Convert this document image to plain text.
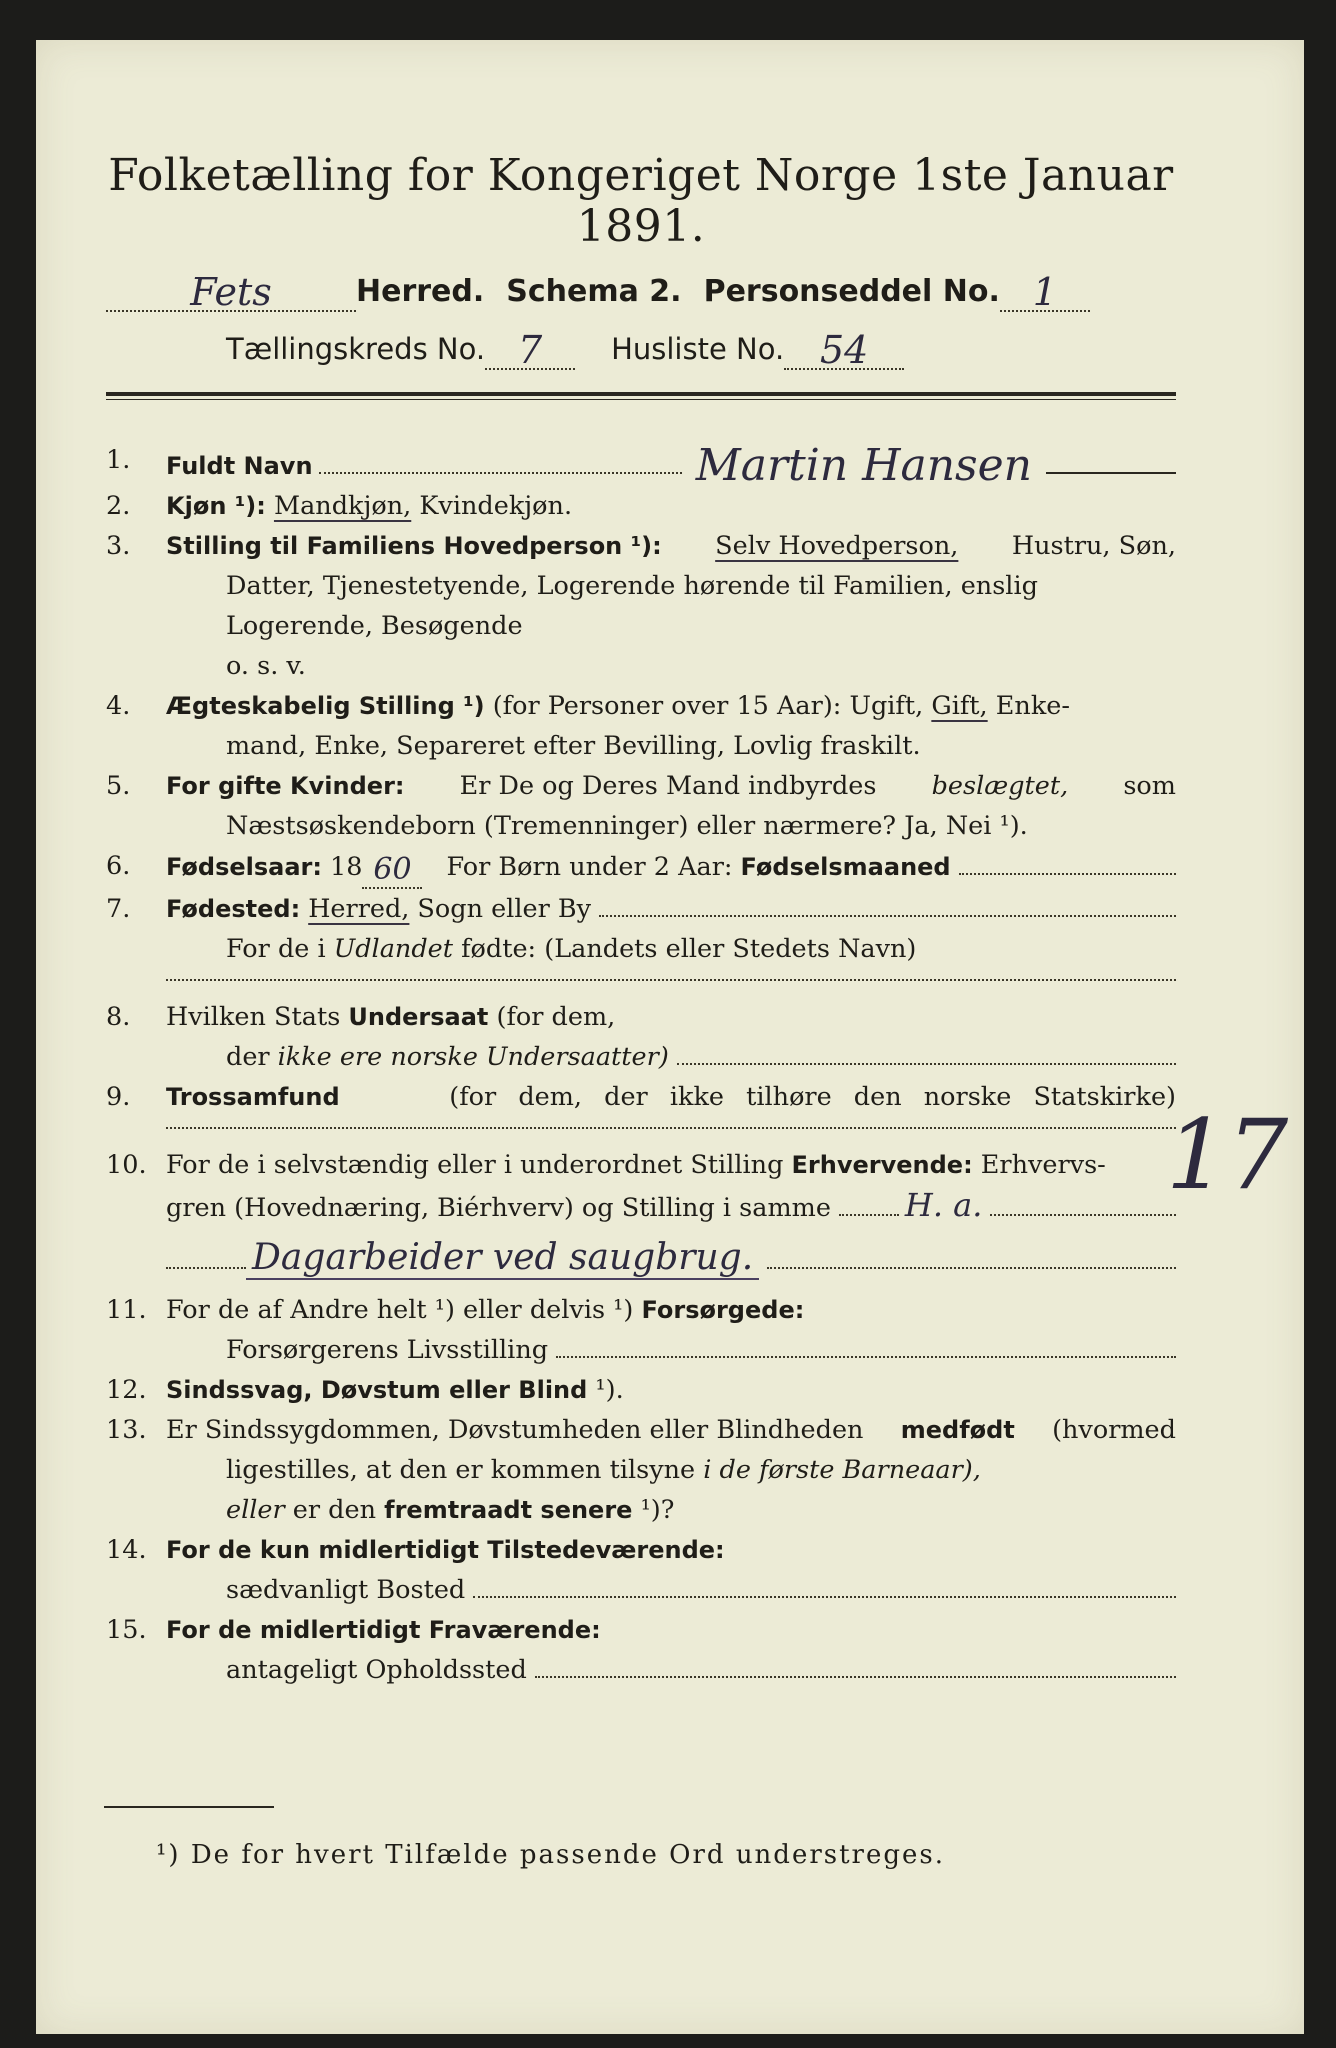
Folketælling for Kongeriget Norge 1ste Januar 1891.
Fets	Herred. Schema 2. Personseddel No. 1
Tællingskreds No. 7	Husliste No. 54
1.	Fuldt Navn	Martin Hansen
2.	Kjøn ¹): Mandkjøn, Kvindekjøn.
3.	Stilling til Familiens Hovedperson ¹): Selv Hovedperson, Hustru, Søn,
Datter, Tjenestetyende, Logerende hørende til Familien, enslig
Logerende, Besøgende
o. s. v.
4.	Ægteskabelig Stilling ¹) (for Personer over 15 Aar): Ugift, Gift, Enke-
mand, Enke, Separeret efter Bevilling, Lovlig fraskilt.
5.	For gifte Kvinder: Er De og Deres Mand indbyrdes beslægtet, som
Næstsøskendeborn (Tremenninger) eller nærmere? Ja, Nei ¹).
6.	Fødselsaar: 18 60	For Børn under 2 Aar: Fødselsmaaned
7.	Fødested: Herred, Sogn eller By
For de i Udlandet fødte: (Landets eller Stedets Navn)
8.	Hvilken Stats Undersaat (for dem,
der ikke ere norske Undersaatter)
9.	Trossamfund	(for dem, der ikke tilhøre den norske Statskirke)
10. For de i selvstændig eller i underordnet Stilling Erhvervende: Erhvervs-
gren (Hovednæring, Biérhverv) og Stilling i samme H. a. 17
Dagarbeider ved saugbrug.
11. For de af Andre helt ¹) eller delvis ¹) Forsørgede:
Forsørgerens Livsstilling
12. Sindssvag, Døvstum eller Blind ¹).
13. Er Sindssygdommen, Døvstumheden eller Blindheden medfødt (hvormed
ligestilles, at den er kommen tilsyne i de første Barneaar),
eller er den fremtraadt senere ¹)?
14. For de kun midlertidigt Tilstedeværende:
sædvanligt Bosted
15. For de midlertidigt Fraværende:
antageligt Opholdssted
¹) De for hvert Tilfælde passende Ord understreges.
